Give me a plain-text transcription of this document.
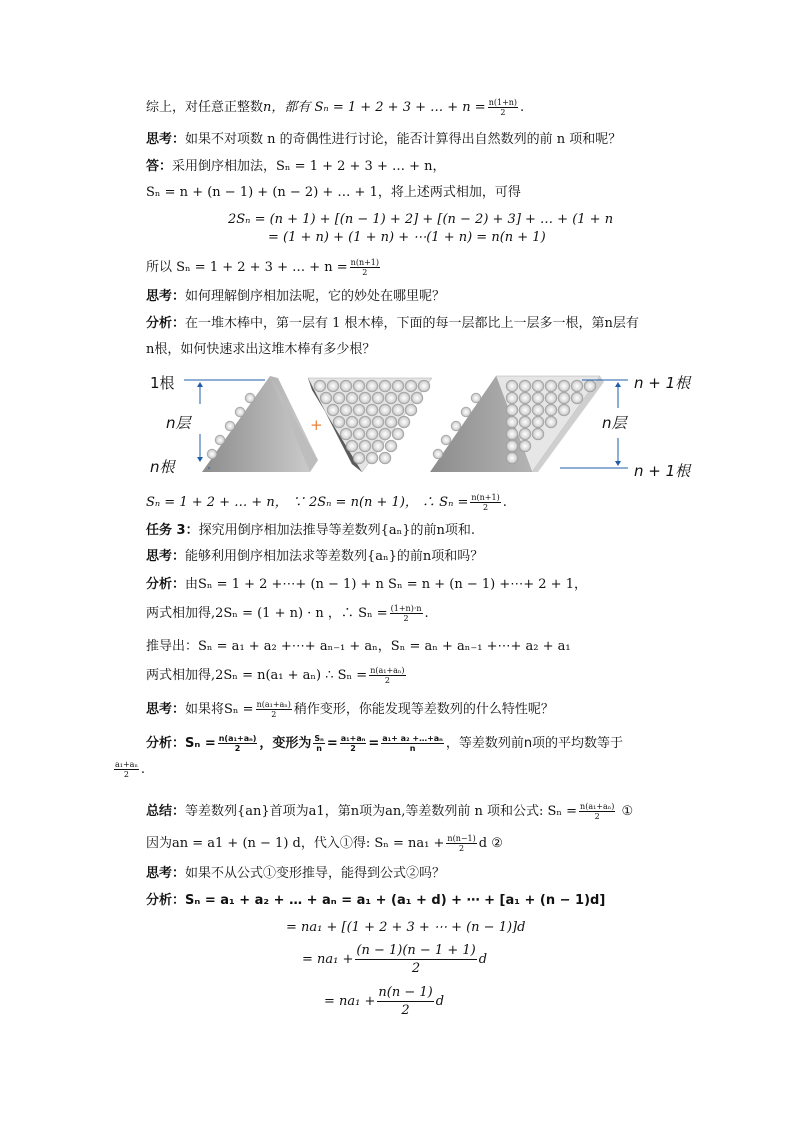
综上，对任意正整数n，都有 Sₙ = 1 + 2 + 3 + … + $n = \frac{n(1+n)}{2}$ .
思考：如果不对项数 n 的奇偶性进行讨论，能否计算得出自然数列的前 n 项和呢？
答：采用倒序相加法，Sₙ = 1 + 2 + 3 + … + n，
Sₙ = n + (n − 1) + (n − 2) + … + 1，将上述两式相加，可得
2Sₙ = (n + 1) + [(n − 1) + 2] + [(n − 2) + 3] + … + (1 + n
= (1 + n) + (1 + n) + ⋯(1 + n) = n(n + 1)
所以 Sₙ = 1 + 2 + 3 + … + $n = \frac{n(n+1)}{2}$
思考：如何理解倒序相加法呢，它的妙处在哪里呢？
分析：在一堆木棒中，第一层有 1 根木棒，下面的每一层都比上一层多一根，第n层有
n根，如何快速求出这堆木棒有多少根？
1根
n层
n根
+
n + 1根
n层
n + 1根
Sₙ = 1 + 2 + … + n， ∵ 2Sₙ = n(n + 1)， ∴ $S_n = \frac{n(n+1)}{2}$ .
任务 3：探究用倒序相加法推导等差数列{aₙ}的前n项和.
思考：能够利用倒序相加法求等差数列{aₙ}的前n项和吗？
分析：由Sₙ = 1 + 2 +⋯+ (n − 1) + n Sₙ = n + (n − 1) +⋯+ 2 + 1，
两式相加得,2Sₙ = (1 + n) · n ，∴ $S_n = \frac{(1+n)\cdot n}{2}$ .
推导出：Sₙ = a₁ + a₂ +⋯+ aₙ₋₁ + aₙ，Sₙ = aₙ + aₙ₋₁ +⋯+ a₂ + a₁
两式相加得,2Sₙ = n(a₁ + aₙ) ∴ $S_n = \frac{\text{n(a₁+aₙ)}}{2}$
思考：如果将$S_n = \frac{\text{n(a₁+aₙ)}}{2}$ 稍作变形，你能发现等差数列的什么特性呢？
分析：$S_n = \frac{\text{n(a₁+aₙ)}}{2}$ ，变形为 $\frac{\text{Sₙ}}{n} = \frac{\text{a₁+aₙ}}{2} = \frac{\text{a₁+ a₂ +…+aₙ}}{n}$ ，等差数列前n项的平均数等于
$\frac{\text{a₁+aₙ}}{2}$ .
总结：等差数列{an}首项为a1，第n项为an,等差数列前 n 项和公式: $S_n = \frac{\text{n(a₁+aₙ)}}{2}$ ①
因为an = a1 + (n − 1) d，代入①得: $S_n = na_1 + \frac{n(n-1)}{2}$ d ②
思考：如果不从公式①变形推导，能得到公式②吗？
分析：Sₙ = a₁ + a₂ + … + aₙ = a₁ + (a₁ + d) + ⋯ + [a₁ + (n − 1)d]
= na₁ + [(1 + 2 + 3 + ⋯ + (n − 1)]d
= $na_1 + \frac{(n - 1)(n - 1 + 1)}{2}$ d
= $na_1 + \frac{n(n - 1)}{2}$ d
